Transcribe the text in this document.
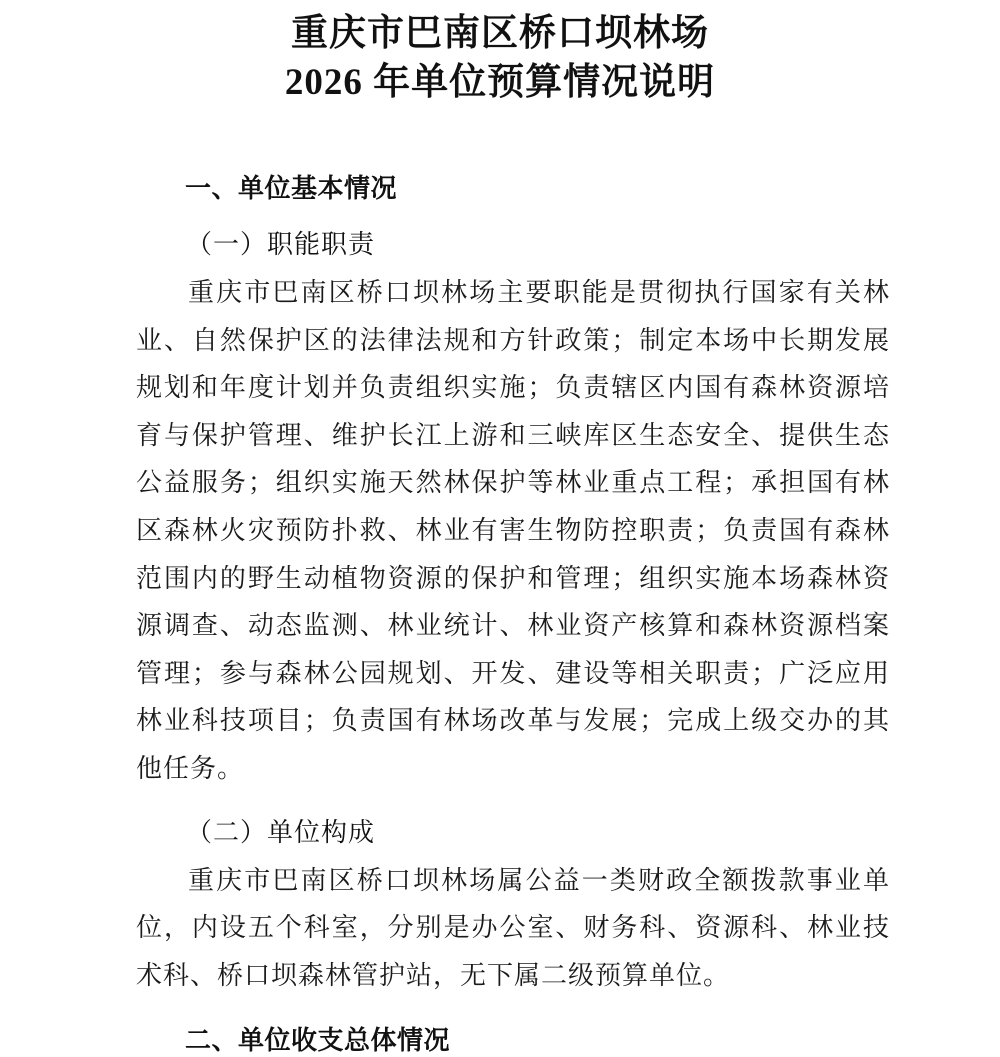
重庆市巴南区桥口坝林场
2026 年单位预算情况说明
一、单位基本情况
（一）职能职责
重庆市巴南区桥口坝林场主要职能是贯彻执行国家有关林业、自然保护区的法律法规和方针政策；制定本场中长期发展规划和年度计划并负责组织实施；负责辖区内国有森林资源培育与保护管理、维护长江上游和三峡库区生态安全、提供生态公益服务；组织实施天然林保护等林业重点工程；承担国有林区森林火灾预防扑救、林业有害生物防控职责；负责国有森林范围内的野生动植物资源的保护和管理；组织实施本场森林资源调查、动态监测、林业统计、林业资产核算和森林资源档案管理；参与森林公园规划、开发、建设等相关职责；广泛应用林业科技项目；负责国有林场改革与发展；完成上级交办的其他任务。
（二）单位构成
重庆市巴南区桥口坝林场属公益一类财政全额拨款事业单位，内设五个科室，分别是办公室、财务科、资源科、林业技术科、桥口坝森林管护站，无下属二级预算单位。
二、单位收支总体情况
